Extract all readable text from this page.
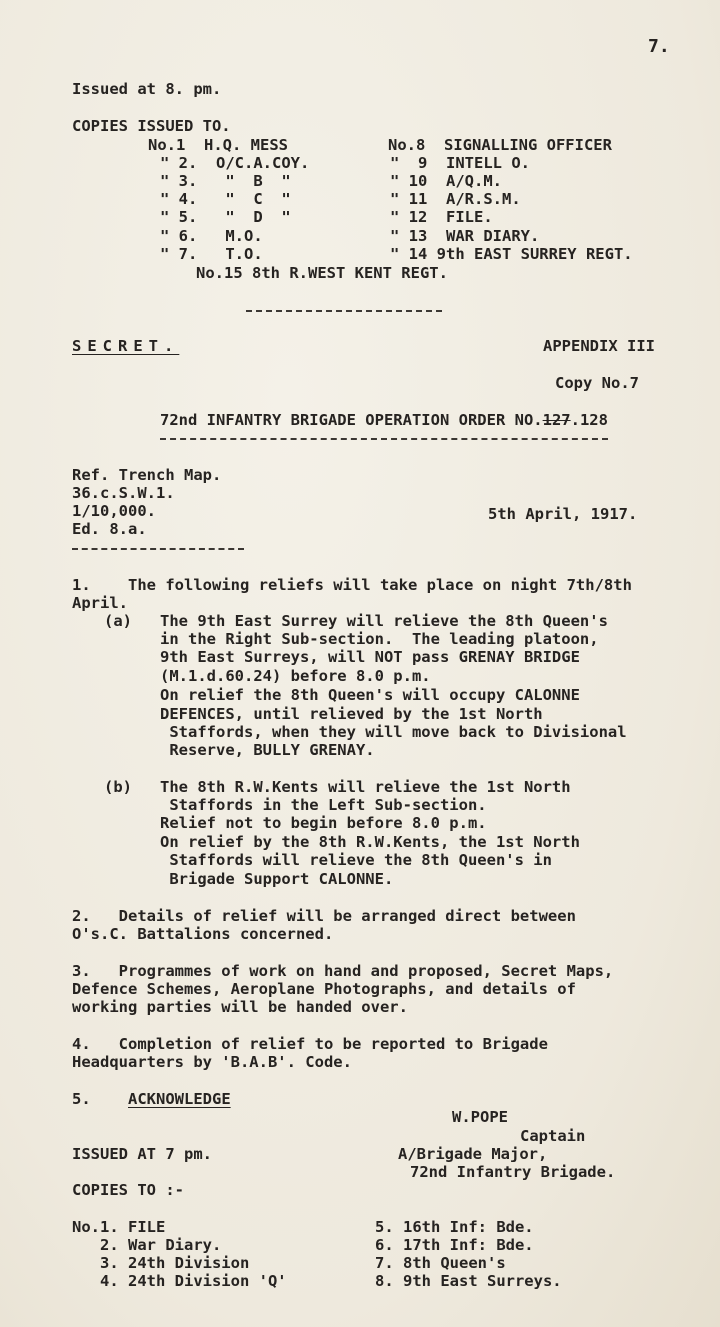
7.
Issued at 8. pm.
COPIES ISSUED TO.
No.1  H.Q. MESS
" 2.  O/C.A.COY.
" 3.   "  B  "
" 4.   "  C  "
" 5.   "  D  "
" 6.   M.O.
" 7.   T.O.
No.8  SIGNALLING OFFICER
"  9  INTELL O.
" 10  A/Q.M.
" 11  A/R.S.M.
" 12  FILE.
" 13  WAR DIARY.
" 14 9th EAST SURREY REGT.
No.15 8th R.WEST KENT REGT.
SECRET.	APPENDIX III
Copy No.7
72nd INFANTRY BRIGADE OPERATION ORDER NO.127.128
Ref. Trench Map.
36.c.S.W.1.
1/10,000.
Ed. 8.a.
5th April, 1917.
1. The following reliefs will take place on night 7th/8th
April.
(a) The 9th East Surrey will relieve the 8th Queen's
in the Right Sub-section.  The leading platoon,
9th East Surreys, will NOT pass GRENAY BRIDGE
(M.1.d.60.24) before 8.0 p.m.
On relief the 8th Queen's will occupy CALONNE
DEFENCES, until relieved by the 1st North
Staffords, when they will move back to Divisional
Reserve, BULLY GRENAY.
(b) The 8th R.W.Kents will relieve the 1st North
Staffords in the Left Sub-section.
Relief not to begin before 8.0 p.m.
On relief by the 8th R.W.Kents, the 1st North
Staffords will relieve the 8th Queen's in
Brigade Support CALONNE.
2.   Details of relief will be arranged direct between
O's.C. Battalions concerned.
3.   Programmes of work on hand and proposed, Secret Maps,
Defence Schemes, Aeroplane Photographs, and details of
working parties will be handed over.
4.   Completion of relief to be reported to Brigade
Headquarters by 'B.A.B'. Code.
5. ACKNOWLEDGE
W.POPE
Captain
A/Brigade Major,
72nd Infantry Brigade.
ISSUED AT 7 pm.
COPIES TO :-
No.1. FILE
2. War Diary.
3. 24th Division
4. 24th Division 'Q'
5. 16th Inf: Bde.
6. 17th Inf: Bde.
7. 8th Queen's
8. 9th East Surreys.
